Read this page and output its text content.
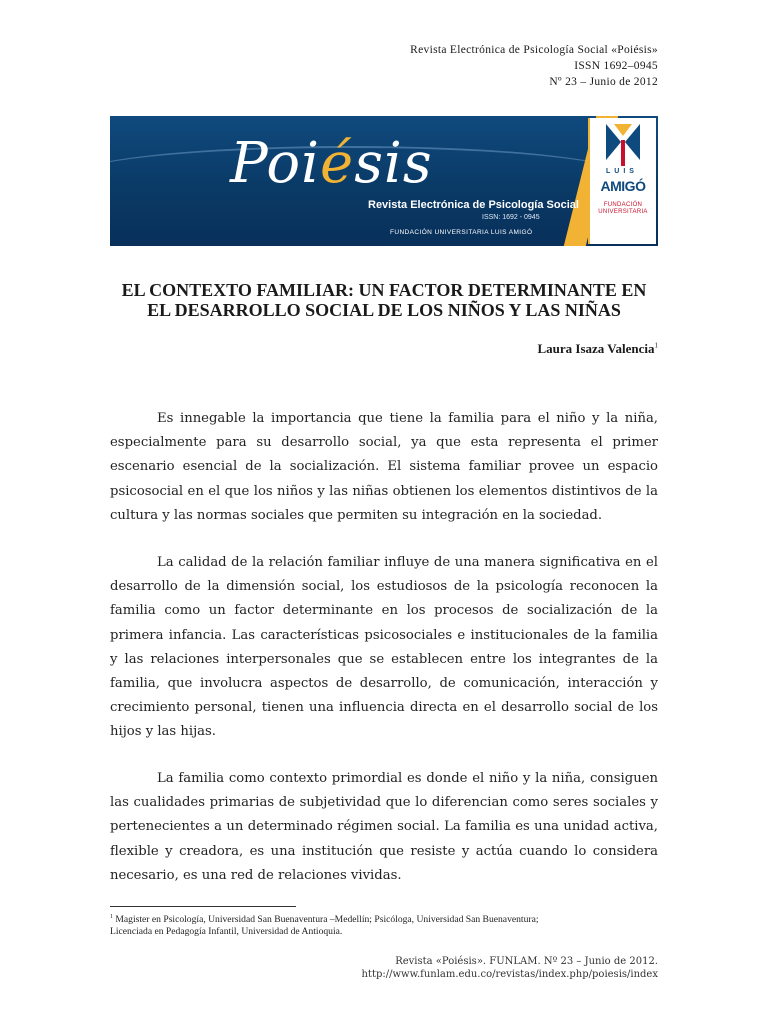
Revista Electrónica de Psicología Social «Poiésis»
ISSN 1692–0945
Nº 23 – Junio de 2012
Poiésis
Revista Electrónica de Psicología Social
ISSN: 1692 - 0945
FUNDACIÓN UNIVERSITARIA LUIS AMIGÓ
LUIS
AMIGÓ
FUNDACIÓN
UNIVERSITARIA
EL CONTEXTO FAMILIAR: UN FACTOR DETERMINANTE EN
EL DESARROLLO SOCIAL DE LOS NIÑOS Y LAS NIÑAS
Laura Isaza Valencia$^1$

Es innegable la importancia que tiene la familia para el niño y la niña, especialmente para su desarrollo social, ya que esta representa el primer escenario esencial de la socialización. El sistema familiar provee un espacio psicosocial en el que los niños y las niñas obtienen los elementos distintivos de la cultura y las normas sociales que permiten su integración en la sociedad.

La calidad de la relación familiar influye de una manera significativa en el desarrollo de la dimensión social, los estudiosos de la psicología reconocen la familia como un factor determinante en los procesos de socialización de la primera infancia. Las características psicosociales e institucionales de la familia y las relaciones interpersonales que se establecen entre los integrantes de la familia, que involucra aspectos de desarrollo, de comunicación, interacción y crecimiento personal, tienen una influencia directa en el desarrollo social de los hijos y las hijas.

La familia como contexto primordial es donde el niño y la niña, consiguen las cualidades primarias de subjetividad que lo diferencian como seres sociales y pertenecientes a un determinado régimen social. La familia es una unidad activa, flexible y creadora, es una institución que resiste y actúa cuando lo considera necesario, es una red de relaciones vividas.

$^1$ Magister en Psicología, Universidad San Buenaventura –Medellín; Psicóloga, Universidad San Buenaventura;
Licenciada en Pedagogía Infantil, Universidad de Antioquia.
Revista «Poiésis». FUNLAM. Nº 23 – Junio de 2012.
http://www.funlam.edu.co/revistas/index.php/poiesis/index
